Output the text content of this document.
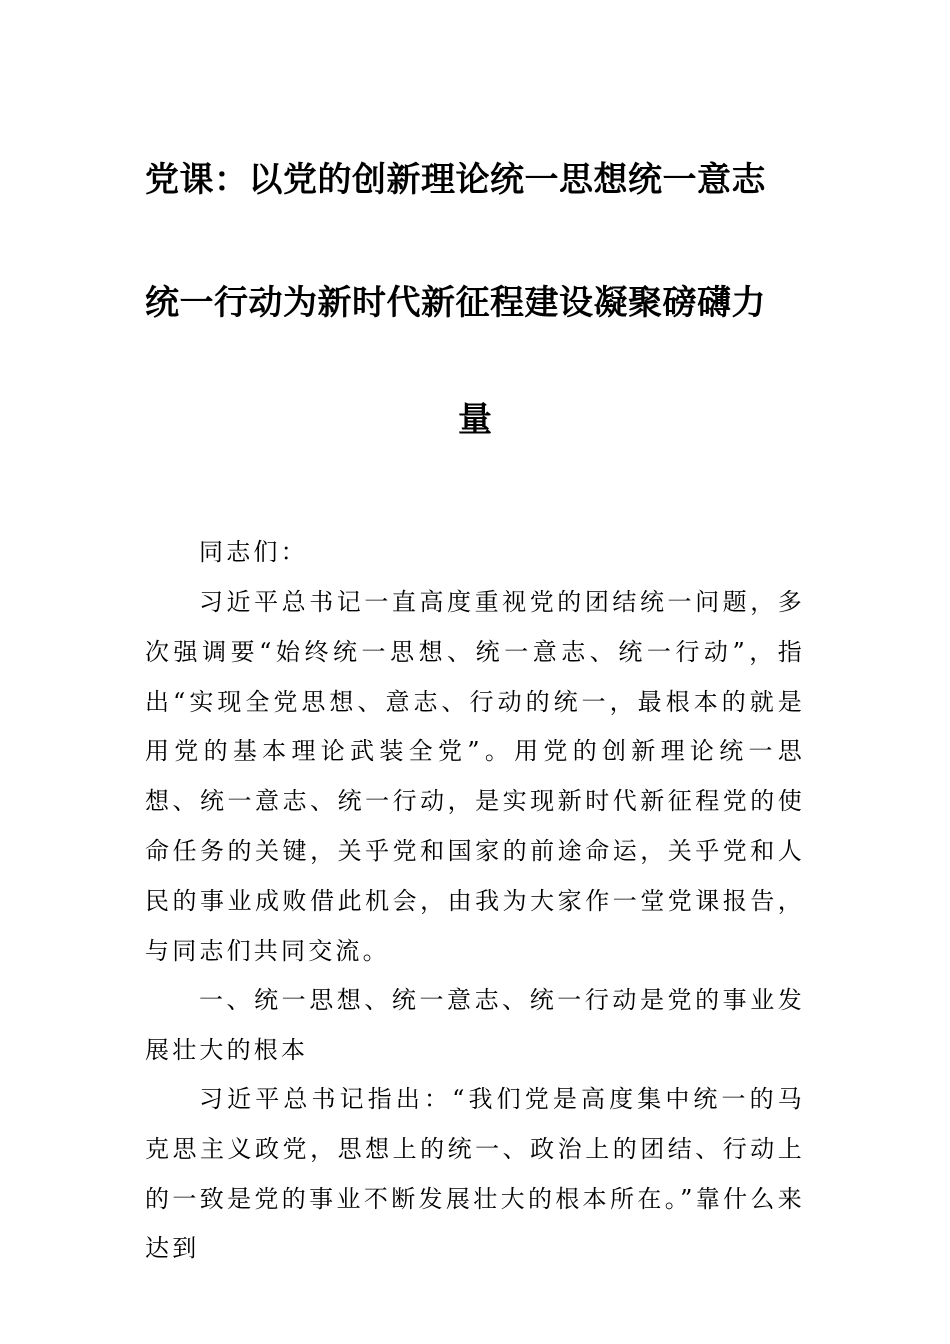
党课：以党的创新理论统一思想统一意志
统一行动为新时代新征程建设凝聚磅礴力
量

同志们：

习近平总书记一直高度重视党的团结统一问题，多次强调要“始终统一思想、统一意志、统一行动”，指出“实现全党思想、意志、行动的统一，最根本的就是用党的基本理论武装全党”。用党的创新理论统一思想、统一意志、统一行动，是实现新时代新征程党的使命任务的关键，关乎党和国家的前途命运，关乎党和人民的事业成败借此机会，由我为大家作一堂党课报告，与同志们共同交流。

一、统一思想、统一意志、统一行动是党的事业发展壮大的根本

习近平总书记指出：“我们党是高度集中统一的马克思主义政党，思想上的统一、政治上的团结、行动上的一致是党的事业不断发展壮大的根本所在。”靠什么来达到
